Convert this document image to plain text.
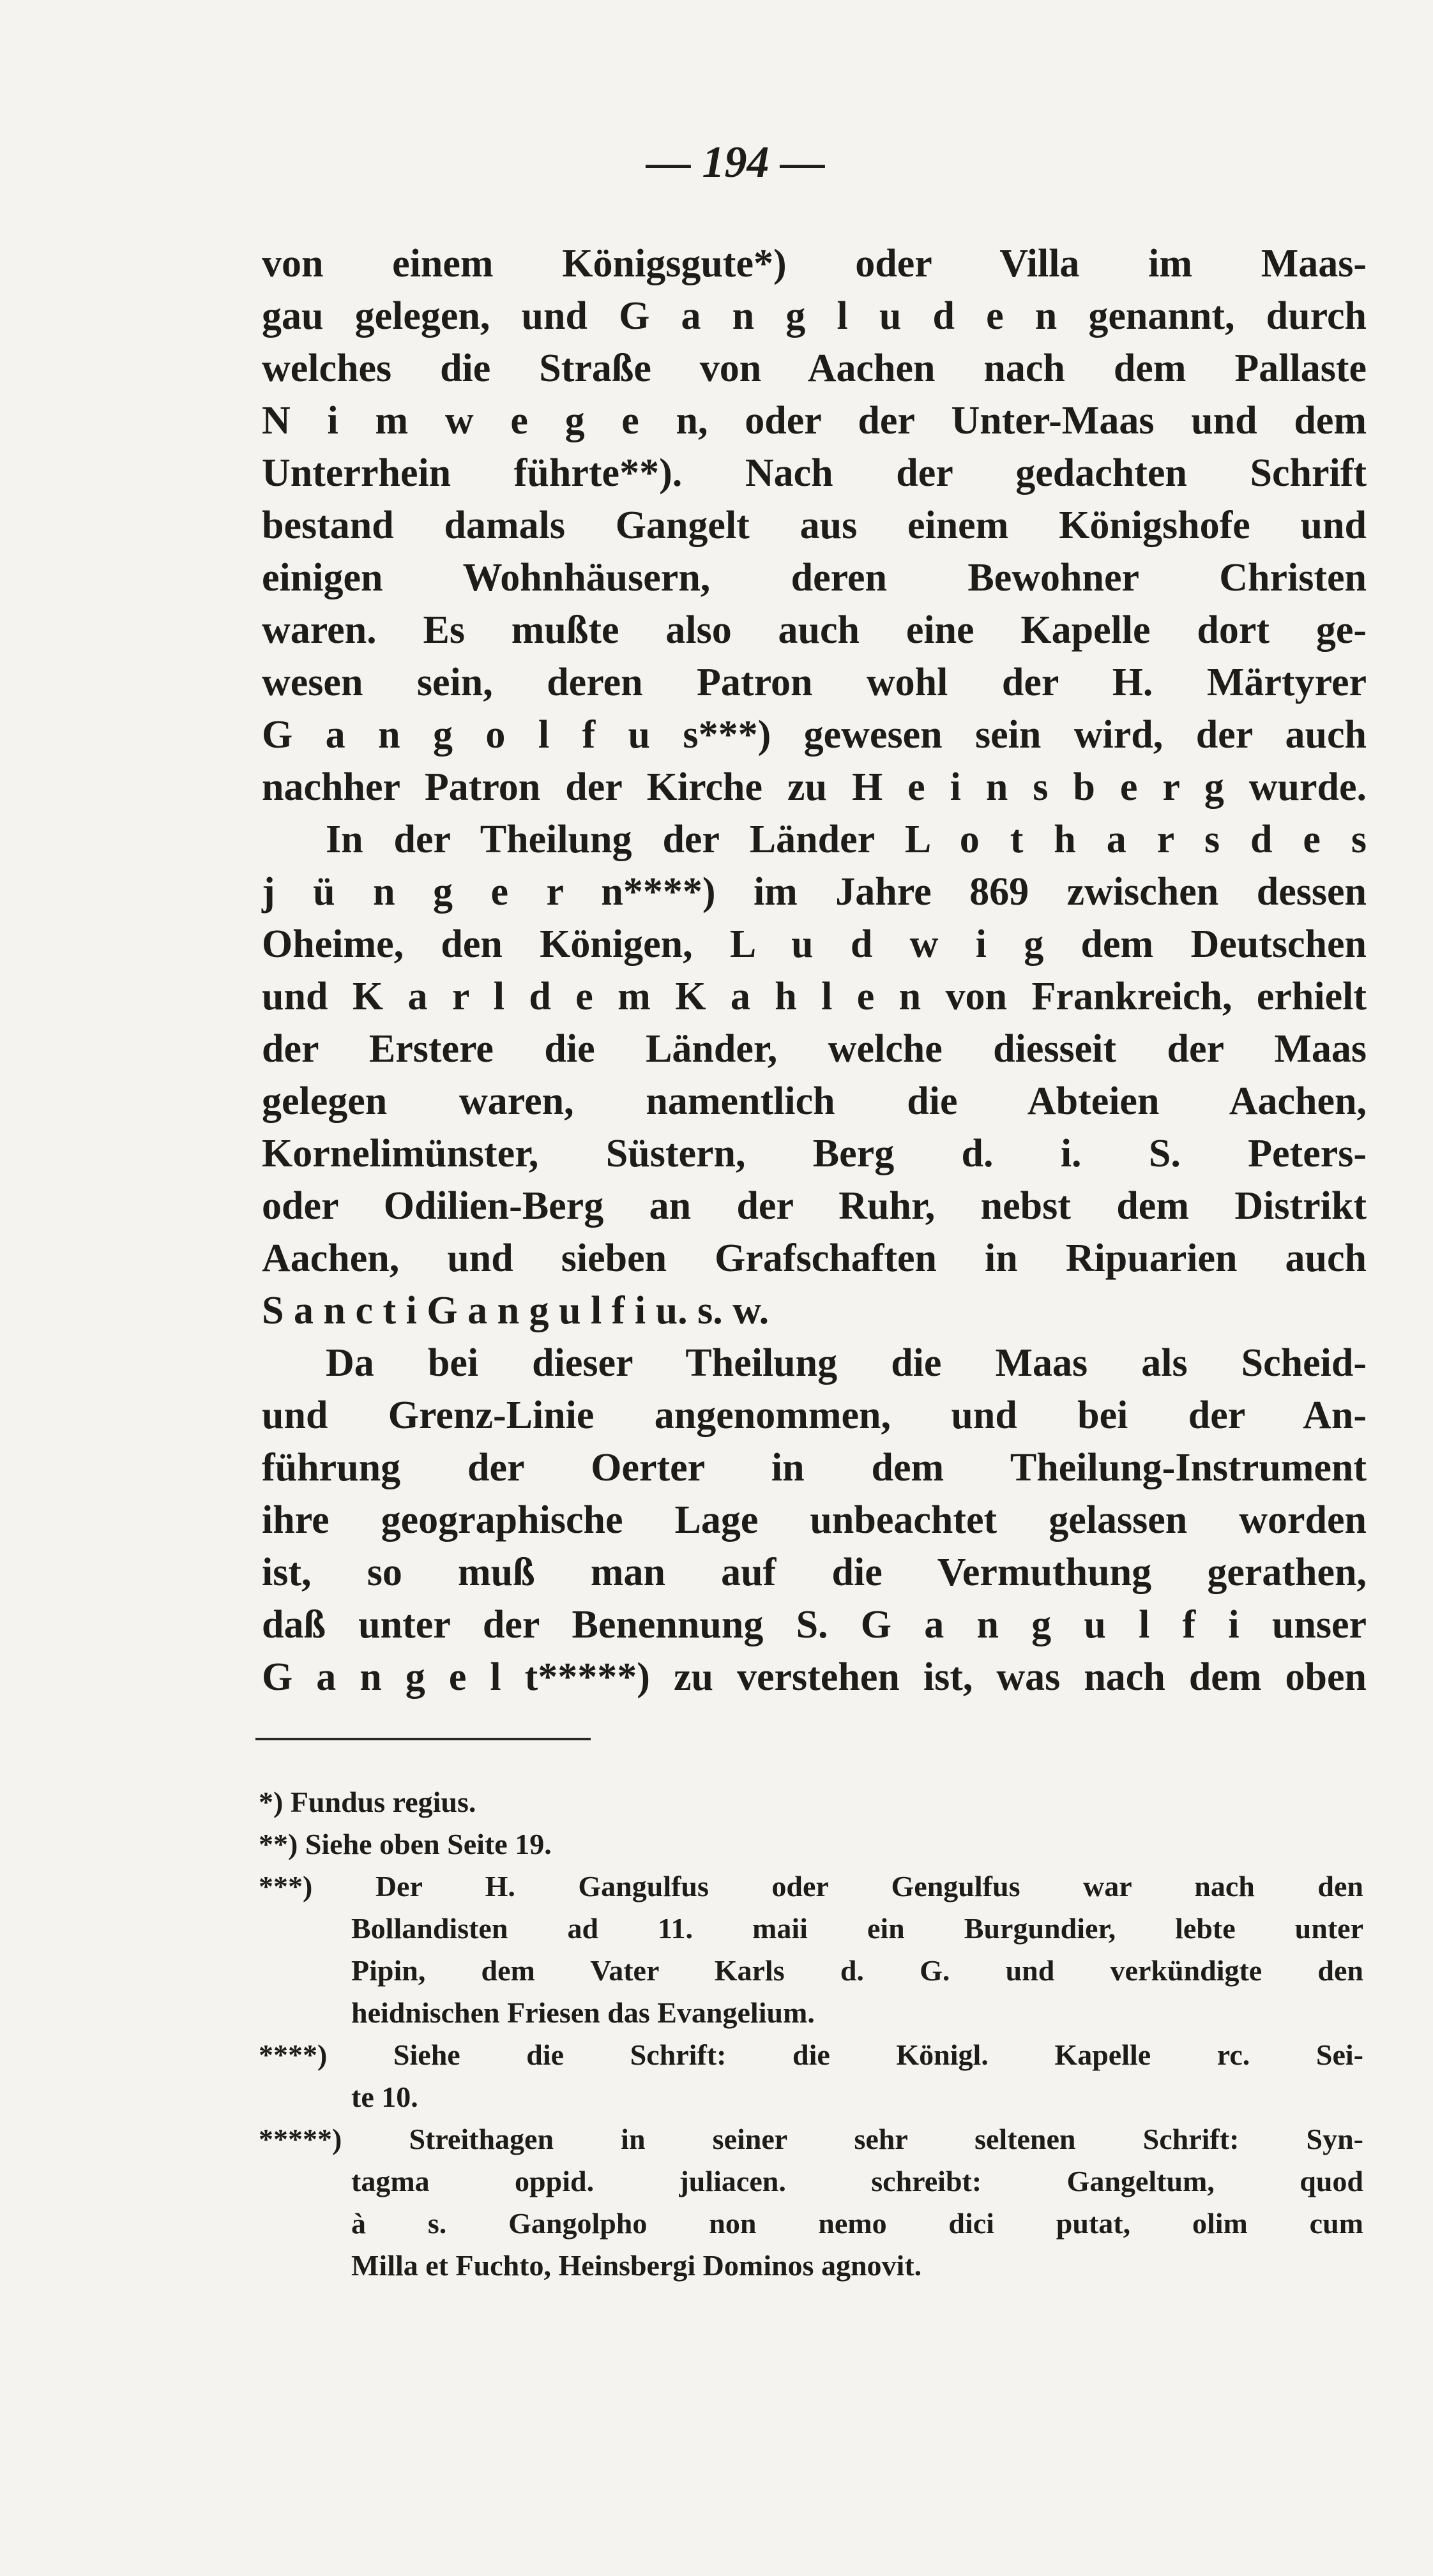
— 194 —
von einem Königsgute*) oder Villa im Maas-
gau gelegen, und G a n g l u d e n genannt, durch
welches die Straße von Aachen nach dem Pallaste
N i m w e g e n, oder der Unter-Maas und dem
Unterrhein führte**). Nach der gedachten Schrift
bestand damals Gangelt aus einem Königshofe und
einigen Wohnhäusern, deren Bewohner Christen
waren. Es mußte also auch eine Kapelle dort ge-
wesen sein, deren Patron wohl der H. Märtyrer
G a n g o l f u s***) gewesen sein wird, der auch
nachher Patron der Kirche zu H e i n s b e r g wurde.
In der Theilung der Länder L o t h a r s d e s
j ü n g e r n****) im Jahre 869 zwischen dessen
Oheime, den Königen, L u d w i g dem Deutschen
und K a r l d e m K a h l e n von Frankreich, erhielt
der Erstere die Länder, welche diesseit der Maas
gelegen waren, namentlich die Abteien Aachen,
Kornelimünster, Süstern, Berg d. i. S. Peters-
oder Odilien-Berg an der Ruhr, nebst dem Distrikt
Aachen, und sieben Grafschaften in Ripuarien auch
S a n c t i G a n g u l f i u. s. w.
Da bei dieser Theilung die Maas als Scheid-
und Grenz-Linie angenommen, und bei der An-
führung der Oerter in dem Theilung-Instrument
ihre geographische Lage unbeachtet gelassen worden
ist, so muß man auf die Vermuthung gerathen,
daß unter der Benennung S. G a n g u l f i unser
G a n g e l t*****) zu verstehen ist, was nach dem oben
*) Fundus regius.
**) Siehe oben Seite 19.
***) Der H. Gangulfus oder Gengulfus war nach den
Bollandisten ad 11. maii ein Burgundier, lebte unter
Pipin, dem Vater Karls d. G. und verkündigte den
heidnischen Friesen das Evangelium.
****) Siehe die Schrift: die Königl. Kapelle rc. Sei-
te 10.
*****) Streithagen in seiner sehr seltenen Schrift: Syn-
tagma oppid. juliacen. schreibt: Gangeltum, quod
à s. Gangolpho non nemo dici putat, olim cum
Milla et Fuchto, Heinsbergi Dominos agnovit.
